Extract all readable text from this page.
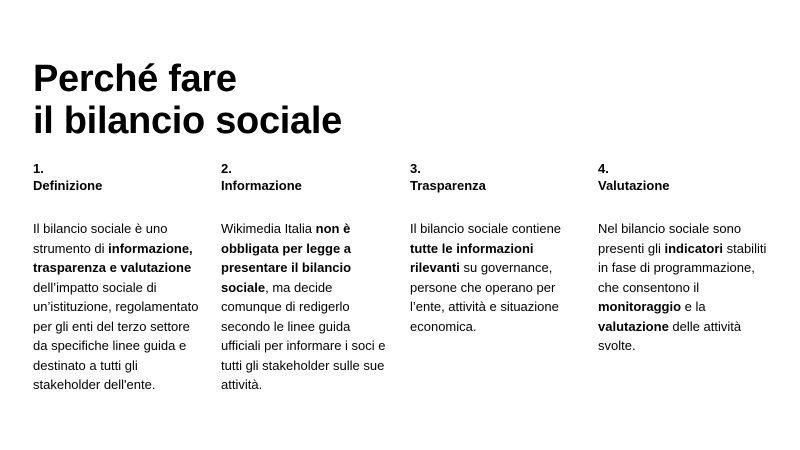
Perché fare
il bilancio sociale
1.
Definizione

Il bilancio sociale è uno strumento di informazione, trasparenza e valutazione dell’impatto sociale di un’istituzione, regolamentato per gli enti del terzo settore da specifiche linee guida e destinato a tutti gli stakeholder dell'ente.

2.
Informazione

Wikimedia Italia non è obbligata per legge a presentare il bilancio sociale, ma decide comunque di redigerlo secondo le linee guida ufficiali per informare i soci e tutti gli stakeholder sulle sue attività.

3.
Trasparenza

Il bilancio sociale contiene tutte le informazioni rilevanti su governance, persone che operano per l’ente, attività e situazione economica.

4.
Valutazione

Nel bilancio sociale sono presenti gli indicatori stabiliti in fase di programmazione, che consentono il monitoraggio e la valutazione delle attività svolte.
